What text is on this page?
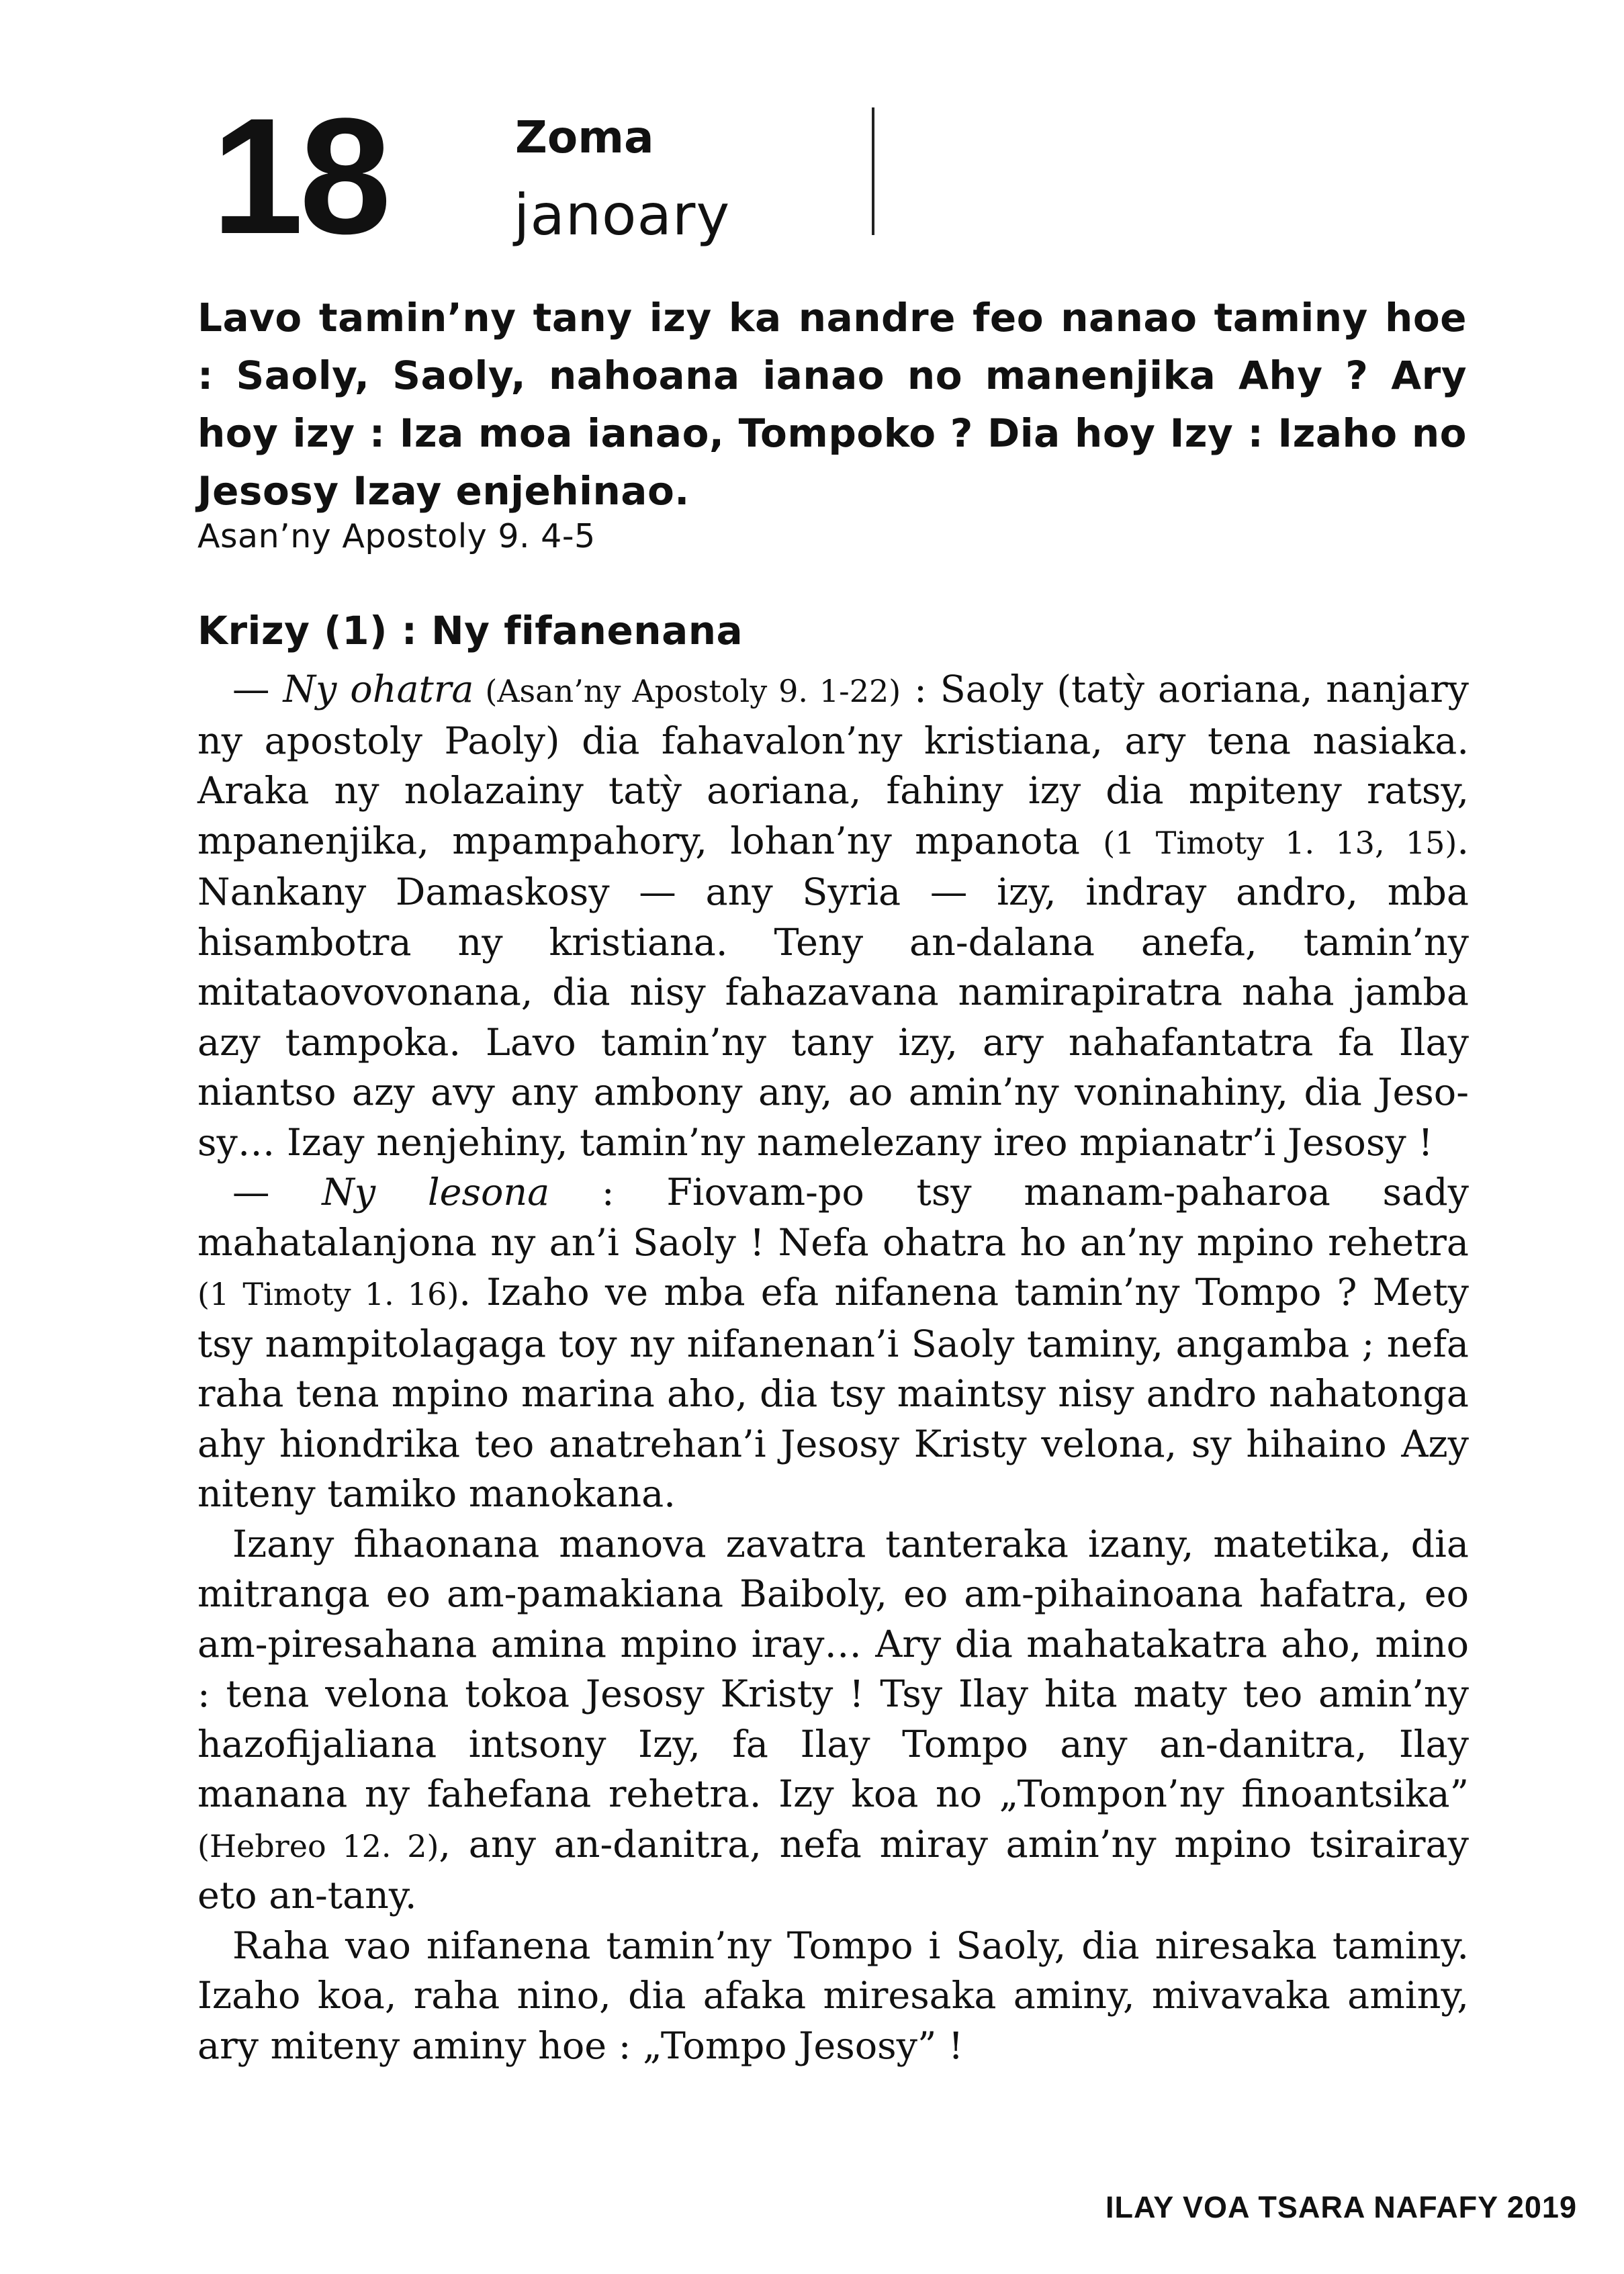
18	Zoma
janoary
Lavo tamin’ny tany izy ka nandre feo nanao taminy hoe : Saoly, Saoly, nahoana ianao no manenjika Ahy ? Ary hoy izy : Iza moa ianao, Tompoko ? Dia hoy Izy : Izaho no Jesosy Izay enjehinao.
Asan’ny Apostoly 9. 4-5
Krizy (1) : Ny fifanenana

— Ny ohatra (Asan’ny Apostoly 9. 1-22) : Saoly (tatỳ aoriana, nanjary ny apostoly Paoly) dia fahavalon’ny kristiana, ary tena nasiaka. Araka ny nolazainy tatỳ aoriana, fahiny izy dia mpiteny ratsy, mpanenjika, mpampahory, lohan’ny mpanota (1 Timoty 1. 13, 15). Nankany Damaskosy — any Syria — izy, indray andro, mba hisambotra ny kristiana. Teny an-dalana anefa, tamin’ny mitataovovonana, dia nisy fahazavana namirapiratra naha jamba azy tampoka. Lavo tamin’ny tany izy, ary nahafantatra fa Ilay niantso azy avy any ambony any, ao amin’ny voninahiny, dia Jesosy… Izay nenjehiny, tamin’ny namelezany ireo mpianatr’i Jesosy !

— Ny lesona : Fiovam-po tsy manam-paharoa sady mahatalanjona ny an’i Saoly ! Nefa ohatra ho an’ny mpino rehetra (1 Timoty 1. 16). Izaho ve mba efa nifanena tamin’ny Tompo ? Mety tsy nampitolagaga toy ny nifanenan’i Saoly taminy, angamba ; nefa raha tena mpino marina aho, dia tsy maintsy nisy andro nahatonga ahy hiondrika teo anatrehan’i Jesosy Kristy velona, sy hihaino Azy niteny tamiko manokana.

Izany fihaonana manova zavatra tanteraka izany, matetika, dia mitranga eo am-pamakiana Baiboly, eo am-pihainoana hafatra, eo am-piresahana amina mpino iray… Ary dia mahatakatra aho, mino : tena velona tokoa Jesosy Kristy ! Tsy Ilay hita maty teo amin’ny hazofijaliana intsony Izy, fa Ilay Tompo any an-danitra, Ilay manana ny fahefana rehetra. Izy koa no „Tompon’ny finoantsika” (Hebreo 12. 2), any an-danitra, nefa miray amin’ny mpino tsirairay eto an-tany.

Raha vao nifanena tamin’ny Tompo i Saoly, dia niresaka taminy. Izaho koa, raha nino, dia afaka miresaka aminy, mivavaka aminy, ary miteny aminy hoe : „Tompo Jesosy” !

ILAY VOA TSARA NAFAFY 2019
